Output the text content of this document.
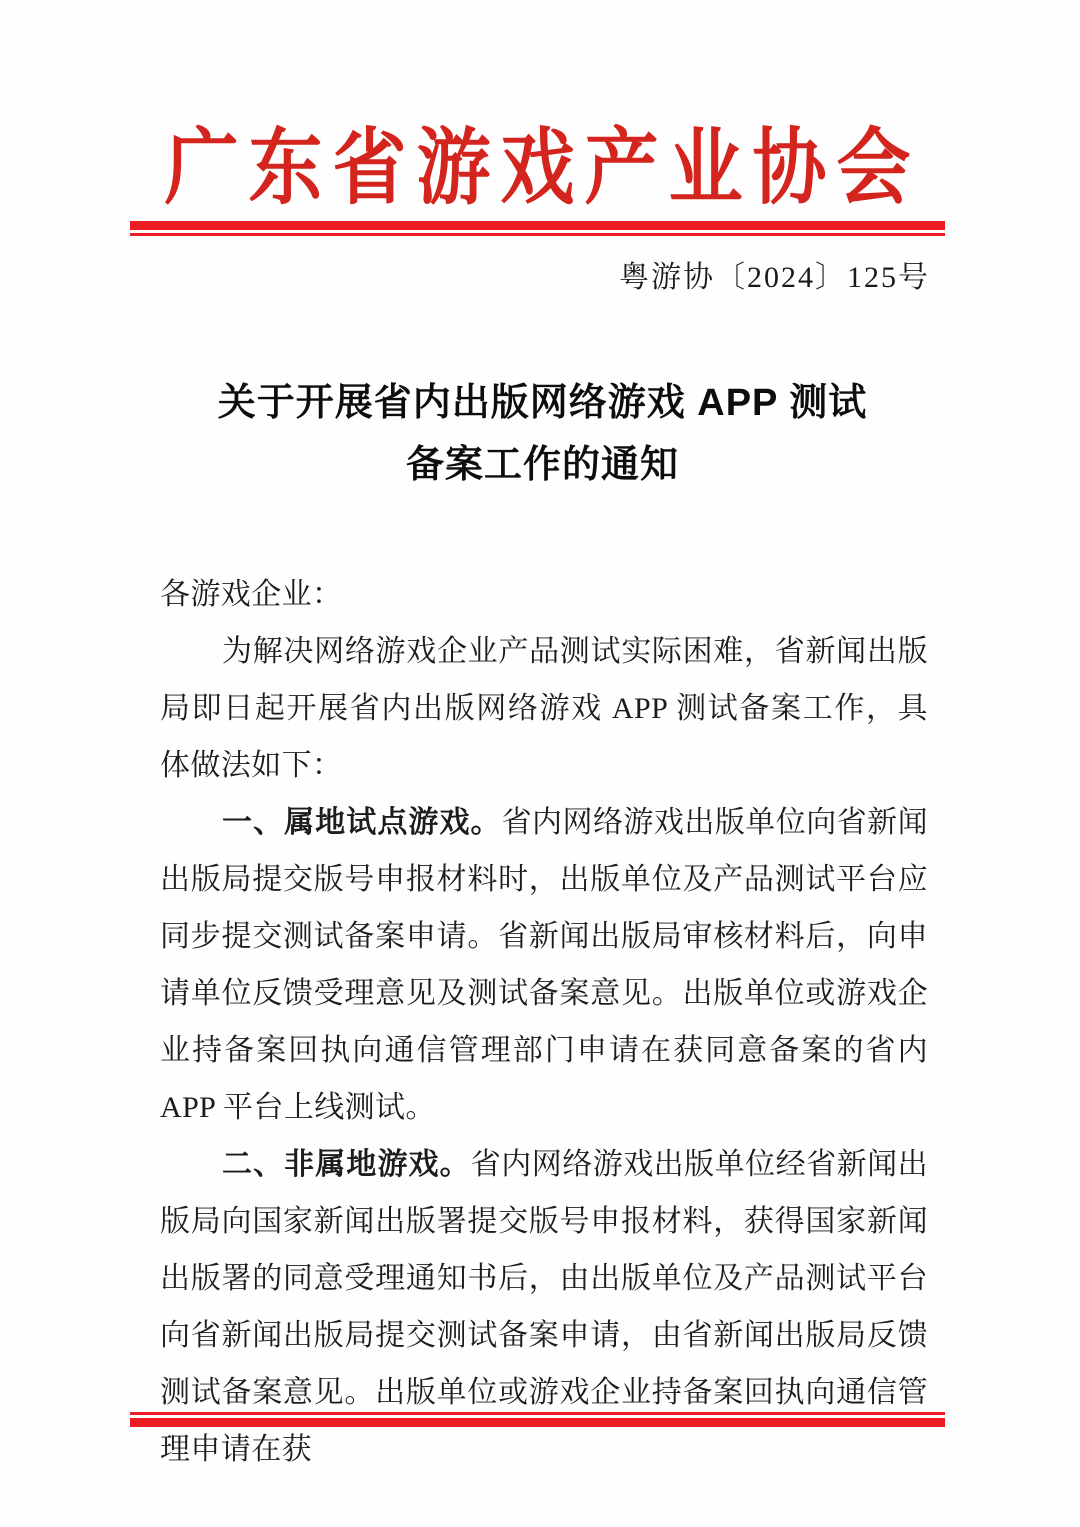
广东省游戏产业协会
粤游协〔2024〕125号
关于开展省内出版网络游戏 APP 测试
备案工作的通知

各游戏企业：

为解决网络游戏企业产品测试实际困难，省新闻出版局即日起开展省内出版网络游戏 APP 测试备案工作，具体做法如下：

一、属地试点游戏。省内网络游戏出版单位向省新闻出版局提交版号申报材料时，出版单位及产品测试平台应同步提交测试备案申请。省新闻出版局审核材料后，向申请单位反馈受理意见及测试备案意见。出版单位或游戏企业持备案回执向通信管理部门申请在获同意备案的省内 APP 平台上线测试。

二、非属地游戏。省内网络游戏出版单位经省新闻出版局向国家新闻出版署提交版号申报材料，获得国家新闻出版署的同意受理通知书后，由出版单位及产品测试平台向省新闻出版局提交测试备案申请，由省新闻出版局反馈测试备案意见。出版单位或游戏企业持备案回执向通信管理申请在获
